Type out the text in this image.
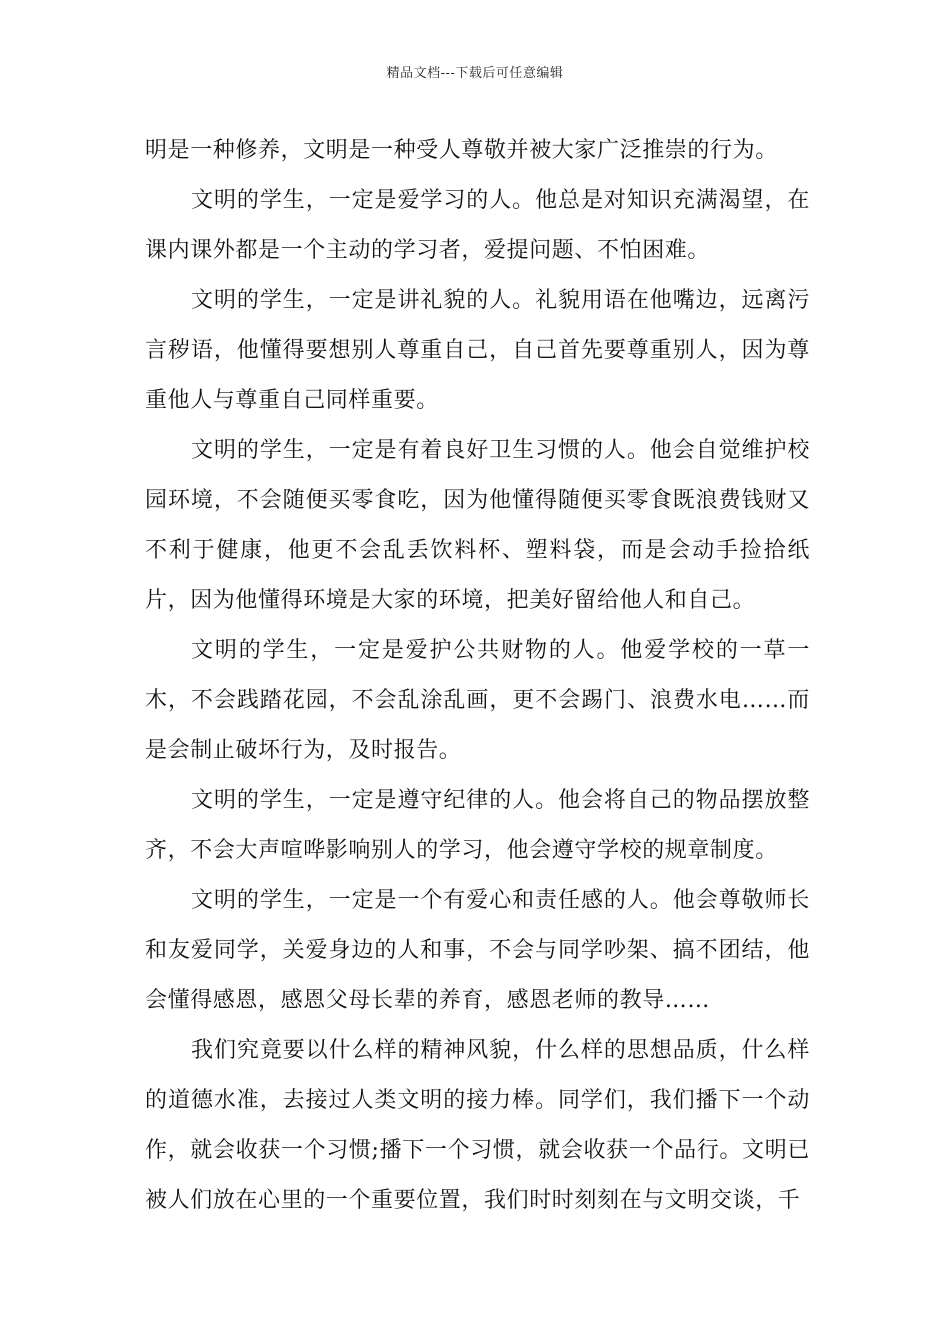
精品文档---下载后可任意编辑

明是一种修养，文明是一种受人尊敬并被大家广泛推崇的行为。

文明的学生，一定是爱学习的人。他总是对知识充满渴望，在课内课外都是一个主动的学习者，爱提问题、不怕困难。

文明的学生，一定是讲礼貌的人。礼貌用语在他嘴边，远离污言秽语，他懂得要想别人尊重自己，自己首先要尊重别人，因为尊重他人与尊重自己同样重要。

文明的学生，一定是有着良好卫生习惯的人。他会自觉维护校园环境，不会随便买零食吃，因为他懂得随便买零食既浪费钱财又不利于健康，他更不会乱丢饮料杯、塑料袋，而是会动手捡拾纸片，因为他懂得环境是大家的环境，把美好留给他人和自己。

文明的学生，一定是爱护公共财物的人。他爱学校的一草一木，不会践踏花园，不会乱涂乱画，更不会踢门、浪费水电……而是会制止破坏行为，及时报告。

文明的学生，一定是遵守纪律的人。他会将自己的物品摆放整齐，不会大声喧哗影响别人的学习，他会遵守学校的规章制度。

文明的学生，一定是一个有爱心和责任感的人。他会尊敬师长和友爱同学，关爱身边的人和事，不会与同学吵架、搞不团结，他会懂得感恩，感恩父母长辈的养育，感恩老师的教导……

我们究竟要以什么样的精神风貌，什么样的思想品质，什么样的道德水准，去接过人类文明的接力棒。同学们，我们播下一个动作，就会收获一个习惯;播下一个习惯，就会收获一个品行。文明已被人们放在心里的一个重要位置，我们时时刻刻在与文明交谈，千
